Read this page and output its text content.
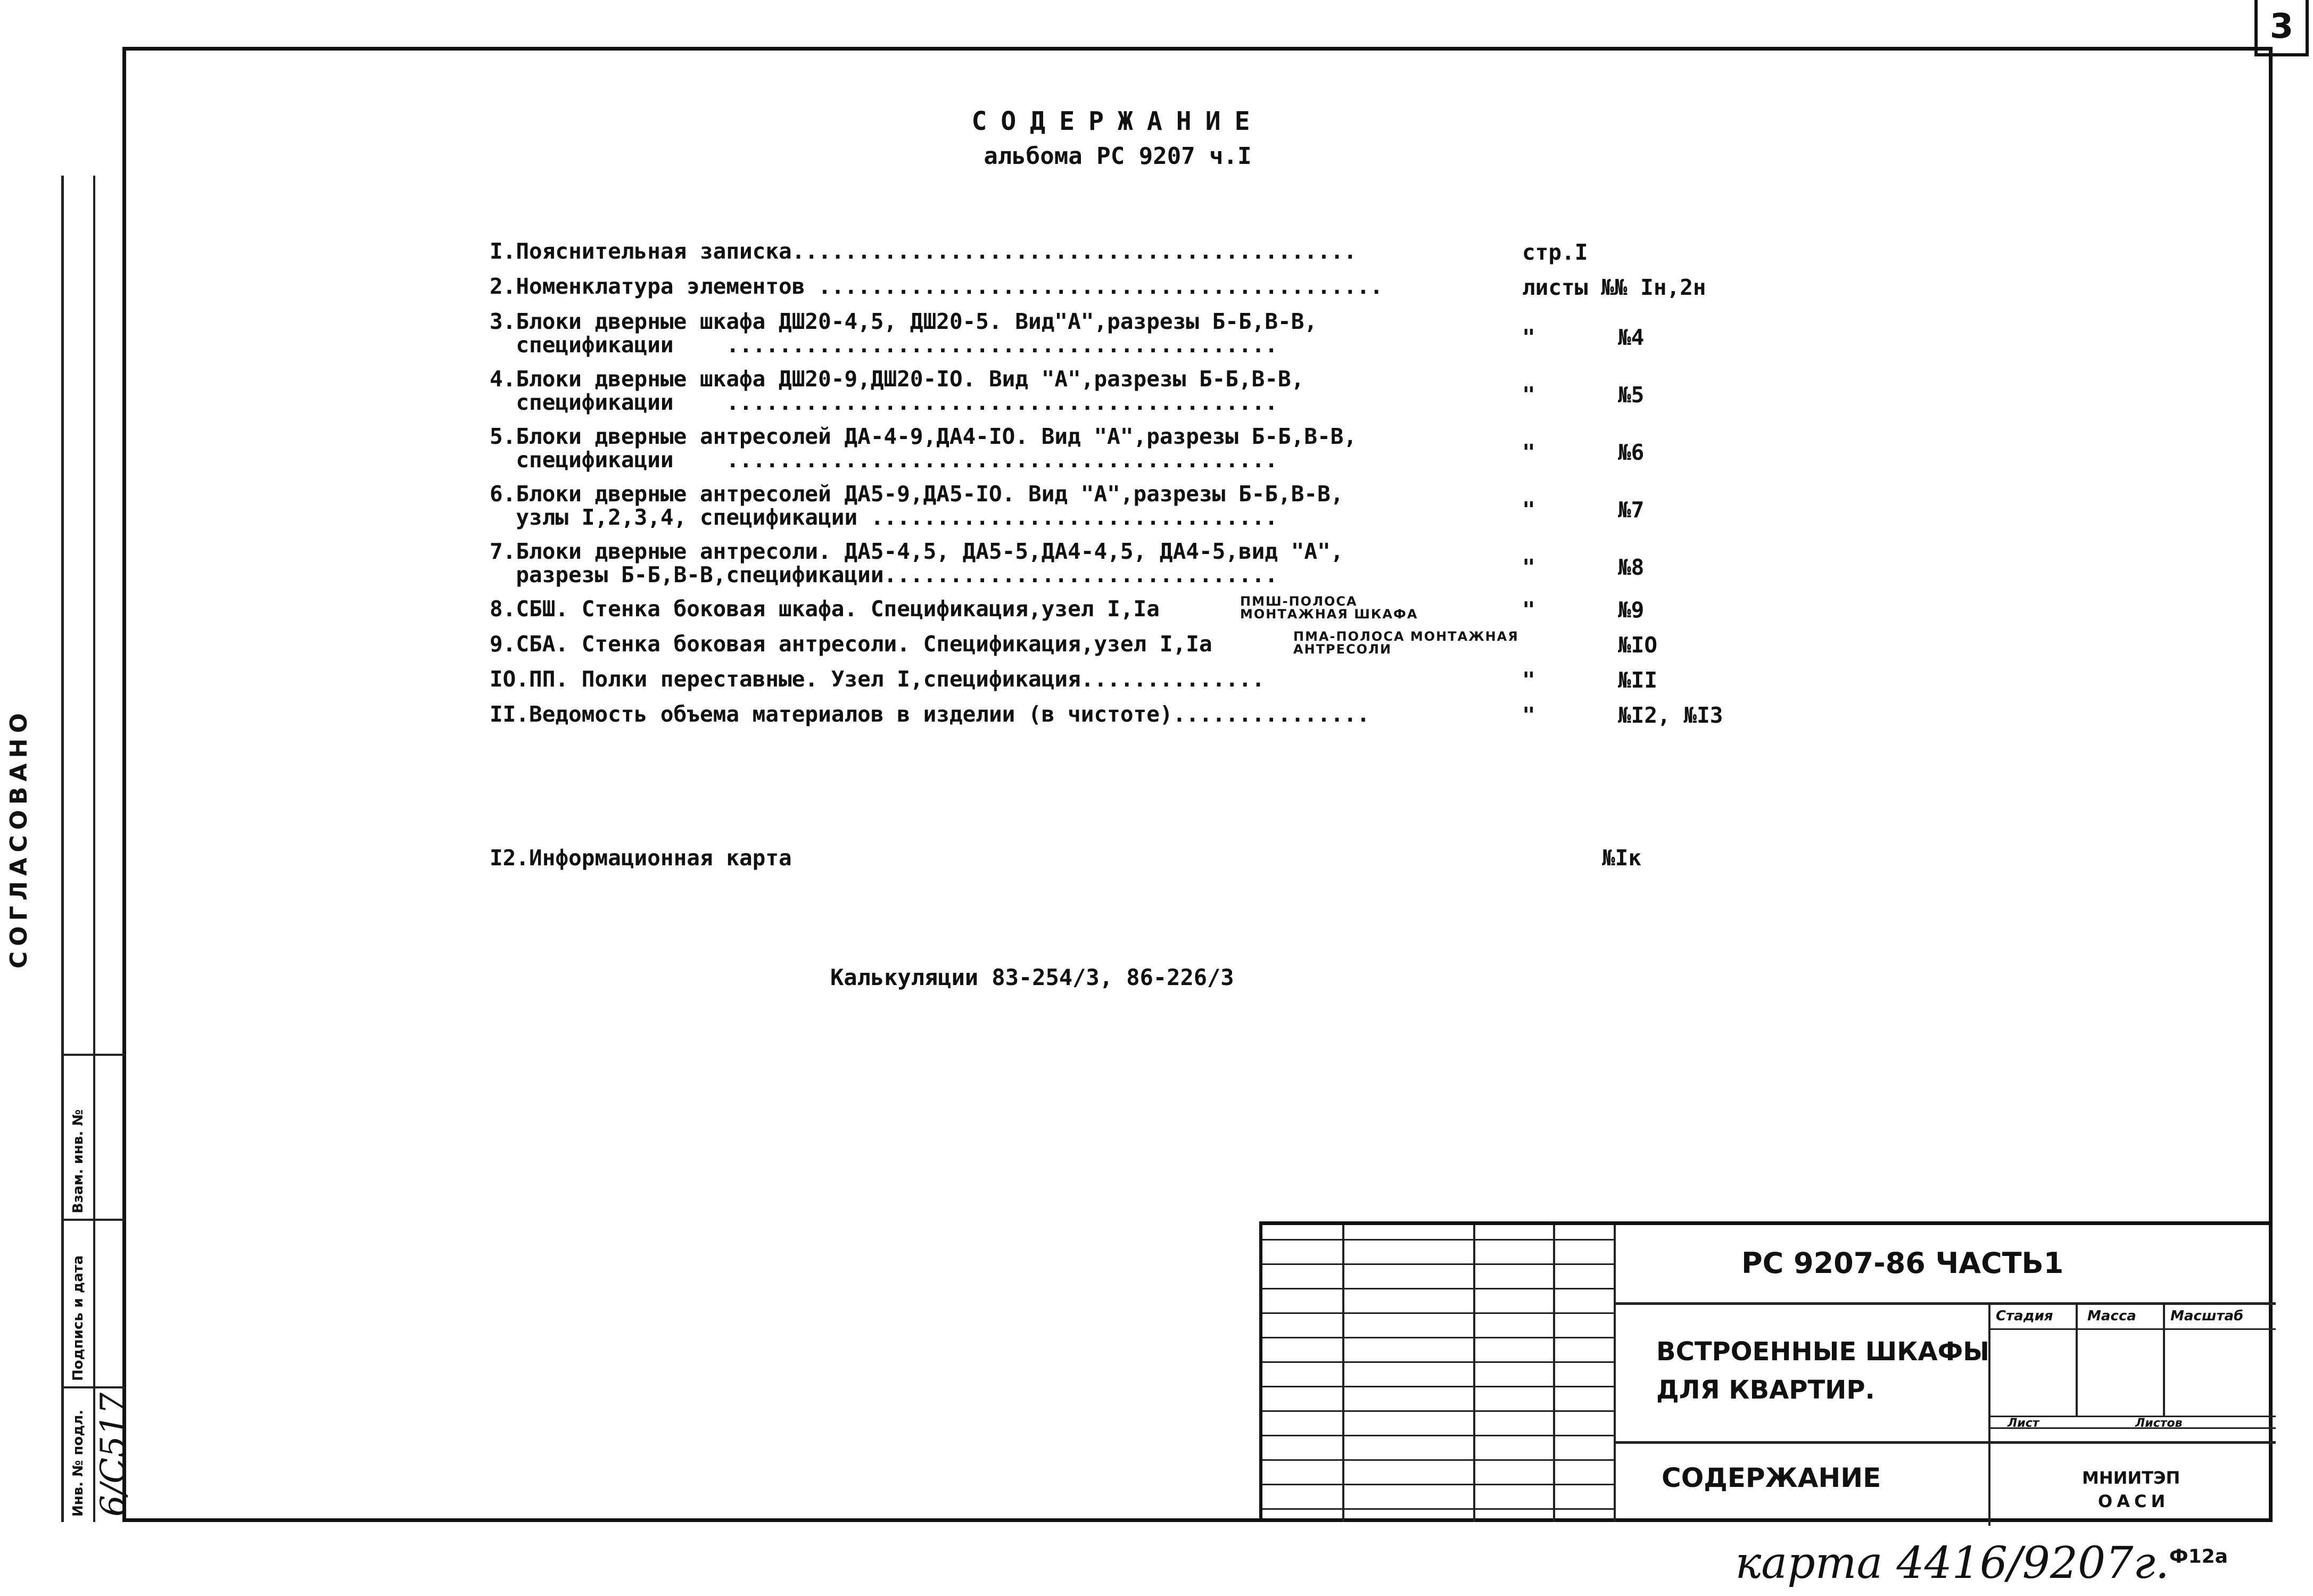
3
Взам. инв. №
Подпись и дата
Инв. № подл. 6/С517
СОГЛАСОВАНО
СОДЕРЖАНИЕ
альбома РС 9207 ч.I
I.Пояснительная записка...........................................	стр.I
2.Номенклатура элементов ...........................................	листы №№ Iн,2н
3.Блоки дверные шкафа ДШ20-4,5, ДШ20-5. Вид"А",разрезы Б-Б,В-В,
спецификации    ..........................................	"	№4
4.Блоки дверные шкафа ДШ20-9,ДШ20-IO. Вид "А",разрезы Б-Б,В-В,
спецификации    ..........................................	"	№5
5.Блоки дверные антресолей ДА-4-9,ДА4-IO. Вид "А",разрезы Б-Б,В-В,
спецификации    ..........................................	"	№6
6.Блоки дверные антресолей ДА5-9,ДА5-IO. Вид "А",разрезы Б-Б,В-В,
узлы I,2,3,4, спецификации ...............................	"	№7
7.Блоки дверные антресоли. ДА5-4,5, ДА5-5,ДА4-4,5, ДА4-5,вид "А",
разрезы Б-Б,В-В,спецификации..............................	"	№8
8.СБШ. Стенка боковая шкафа. Спецификация,узел I,Iа	ПМШ-ПОЛОСА МОНТАЖНАЯ ШКАФА	"	№9
9.СБА. Стенка боковая антресоли. Спецификация,узел I,Iа	ПМА-ПОЛОСА МОНТАЖНАЯ АНТРЕСОЛИ	№IO
IO.ПП. Полки переставные. Узел I,спецификация..............	"	№II
II.Ведомость объема материалов в изделии (в чистоте)...............	"	№I2, №I3
I2.Информационная карта	№Iк
Калькуляции 83-254/3, 86-226/3
РС 9207-86 ЧАСТЬ1
ВСТРОЕННЫЕ ШКАФЫ
ДЛЯ КВАРТИР.
СОДЕРЖАНИЕ
Стадия Масса Масштаб
Лист	Листов
МНИИТЭП
ОАСИ
карта 4416/9207г.$^{Ф12а}$
